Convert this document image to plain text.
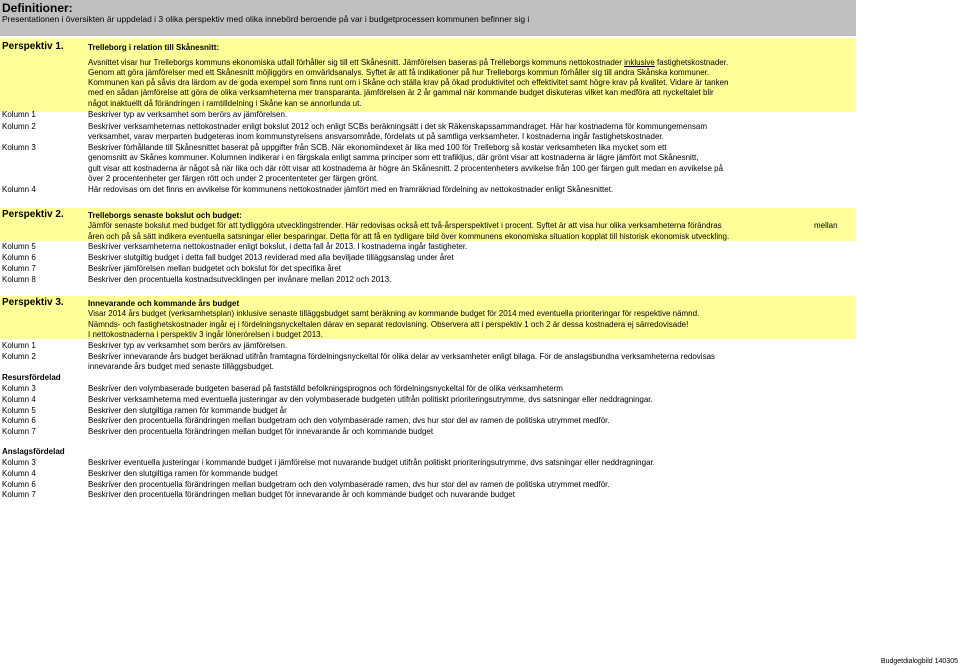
Definitioner:
Presentationen i översikten är uppdelad i 3 olika perspektiv med olika innebörd beroende på var i budgetprocessen kommunen befinner sig i
Perspektiv 1.	Trelleborg i relation till Skånesnitt:
Avsnittet visar hur Trelleborgs kommuns ekonomiska utfall förhåller sig till ett Skånesnitt. Jämförelsen baseras på Trelleborgs kommuns nettokostnader inklusive fastighetskostnader.
Genom att göra jämförelser med ett Skånesnitt möjliggörs en omvärldsanalys. Syftet är att få indikationer på hur Trelleborgs kommun förhåller sig till andra Skånska kommuner.
Kommunen kan på såvis dra lärdom av de goda exempel som finns runt om i Skåne och ställa krav på ökad produktivitet och effektivitet samt högre krav på kvalitet. Vidare är tanken
med en sådan jämförelse att göra de olika verksamheterna mer transparanta. jämförelsen är 2 år gammal när kommande budget diskuteras vilket kan medföra att nyckeltalet blir
något inaktuellt då förändringen i ramtilldelning i Skåne kan se annorlunda ut.
Kolumn 1	Beskriver typ av verksamhet som berörs av jämförelsen.
Kolumn 2	Beskriver verksamheternas nettokostnader enligt bokslut 2012 och enligt SCBs beräkningsätt i det sk Räkenskapssammandraget. Här har kostnaderna för kommungemensam
verksamhet, varav merparten budgeteras inom kommunstyrelsens ansvarsområde, fördelats ut på samtliga verksamheter. I kostnaderna ingår fastighetskostnader.
Kolumn 3	Beskriver förhållande till Skånesnittet baserat på uppgifter från SCB. När ekonomiindexet är lika med 100 för Trelleborg så kostar verksamheten lika mycket som ett
genomsnitt av Skånes kommuner. Kolumnen indikerar i en färgskala enligt samma principer som ett trafikljus, där grönt visar att kostnaderna är lägre jämfört mot Skånesnitt,
gult visar att kostnaderna är något så när lika och där rött visar att kostnaderna är högre än Skånesnitt. 2 procentenheters avvikelse från 100 ger färgen gult medan en avvikelse på
över 2 procentenheter ger färgen rött och under 2 procententeter ger färgen grönt.
Kolumn 4	Här redovisas om det finns en avvikelse för kommunens nettokostnader jämfört med en framräknad fördelning av nettokostnader enligt Skånesnittet.
Perspektiv 2.	Trelleborgs senaste bokslut och budget:
Jämför senaste bokslut med budget för att tydliggöra utvecklingstrender. Här redovisas också ett två-årsperspektivet i procent. Syftet är att visa hur olika verksamheterna förändras	mellan
åren och på så sätt indikera eventuella satsningar eller besparingar. Detta för att få en tydligare bild över kommunens ekonomiska situation kopplat till historisk ekonomisk utveckling.
Kolumn 5	Beskriver verksamheterna nettokostnader enligt bokslut, i detta fall år 2013. I kostnaderna ingår fastigheter.
Kolumn 6	Beskriver slutgiltig budget i detta fall budget 2013 reviderad med alla beviljade tilläggsanslag under året
Kolumn 7	Beskriver jämförelsen mellan budgetet och bokslut för det specifika året
Kolumn 8	Beskriver den procentuella kostnadsutvecklingen per invånare mellan 2012 och 2013.
Perspektiv 3.	Innevarande och kommande års budget
Visar 2014 års budget (verksamhetsplan) inklusive senaste tilläggsbudget samt beräkning av kommande budget för 2014 med eventuella prioriteringar för respektive nämnd.
Nämnds- och fastighetskostnader ingår ej i fördelningsnyckeltalen därav en separat redovisning. Observera att i perspektiv 1 och 2 är dessa kostnadera ej särredovisade!
I nettokostnaderna i perspektiv 3 ingår lönerörelsen i budget 2013.
Kolumn 1	Beskriver typ av verksamhet som berörs av jämförelsen.
Kolumn 2	Beskriver innevarande års budget beräknad utifrån framtagna fördelningsnyckeltal för olika delar av verksamheter enligt bilaga. För de anslagsbundna verksamheterna redovisas
innevarande års budget med senaste tilläggsbudget.
Resursfördelad
Kolumn 3	Beskriver den volymbaserade budgeten baserad på fastställd befolkningsprognos och fördelningsnyckeltal för de olika verksamheterm
Kolumn 4	Beskriver verksamheterna med eventuella justeringar av den volymbaserade budgeten utifrån politiskt prioriteringsutrymme, dvs satsningar eller neddragningar.
Kolumn 5	Beskriver den slutgiltiga ramen för kommande budget år
Kolumn 6	Beskriver den procentuella förändringen mellan budgetram och den volymbaserade ramen, dvs hur stor del av ramen de politiska utrymmet medför.
Kolumn 7	Beskriver den procentuella förändringen mellan budget för innevarande år och kommande budget
Anslagsfördelad
Kolumn 3	Beskriver eventuella justeringar i kommande budget i jämförelse mot nuvarande budget utifrån politiskt prioriteringsutrymme, dvs satsningar eller neddragningar.
Kolumn 4	Beskriver den slutgiltiga ramen för kommande budget
Kolumn 6	Beskriver den procentuella förändringen mellan budgetram och den volymbaserade ramen, dvs hur stor del av ramen de politiska utrymmet medför.
Kolumn 7	Beskriver den procentuella förändringen mellan budget för innevarande år och kommande budget och nuvarande budget
Budgetdialogbild 140305
